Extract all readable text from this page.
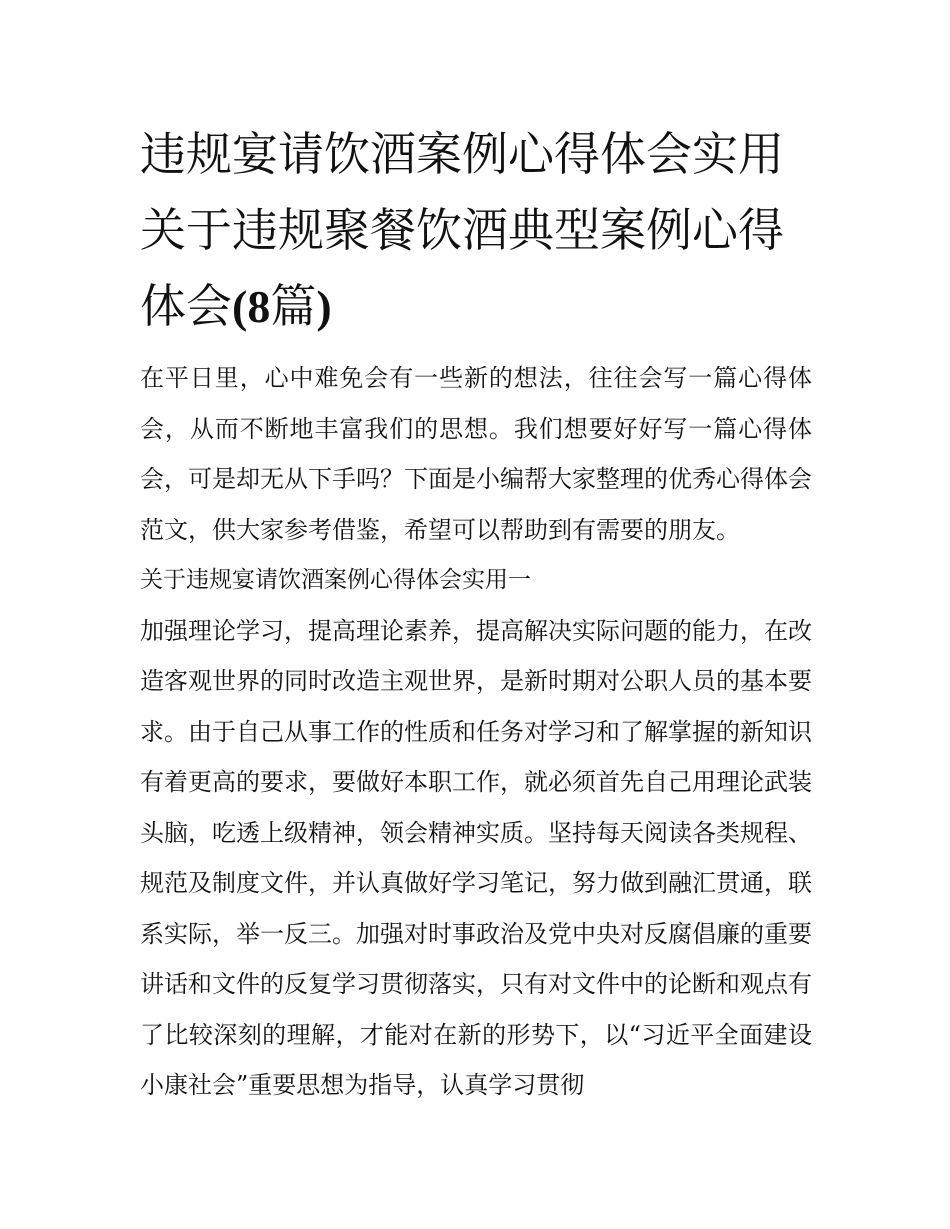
违规宴请饮酒案例心得体会实用 关于违规聚餐饮酒典型案例心得体会(8篇)

在平日里，心中难免会有一些新的想法，往往会写一篇心得体会，从而不断地丰富我们的思想。我们想要好好写一篇心得体会，可是却无从下手吗？下面是小编帮大家整理的优秀心得体会范文，供大家参考借鉴，希望可以帮助到有需要的朋友。

关于违规宴请饮酒案例心得体会实用一

加强理论学习，提高理论素养，提高解决实际问题的能力，在改造客观世界的同时改造主观世界，是新时期对公职人员的基本要求。由于自己从事工作的性质和任务对学习和了解掌握的新知识有着更高的要求，要做好本职工作，就必须首先自己用理论武装头脑，吃透上级精神，领会精神实质。坚持每天阅读各类规程、规范及制度文件，并认真做好学习笔记，努力做到融汇贯通，联系实际，举一反三。加强对时事政治及党中央对反腐倡廉的重要讲话和文件的反复学习贯彻落实，只有对文件中的论断和观点有了比较深刻的理解，才能对在新的形势下，以“习近平全面建设小康社会”重要思想为指导，认真学习贯彻
